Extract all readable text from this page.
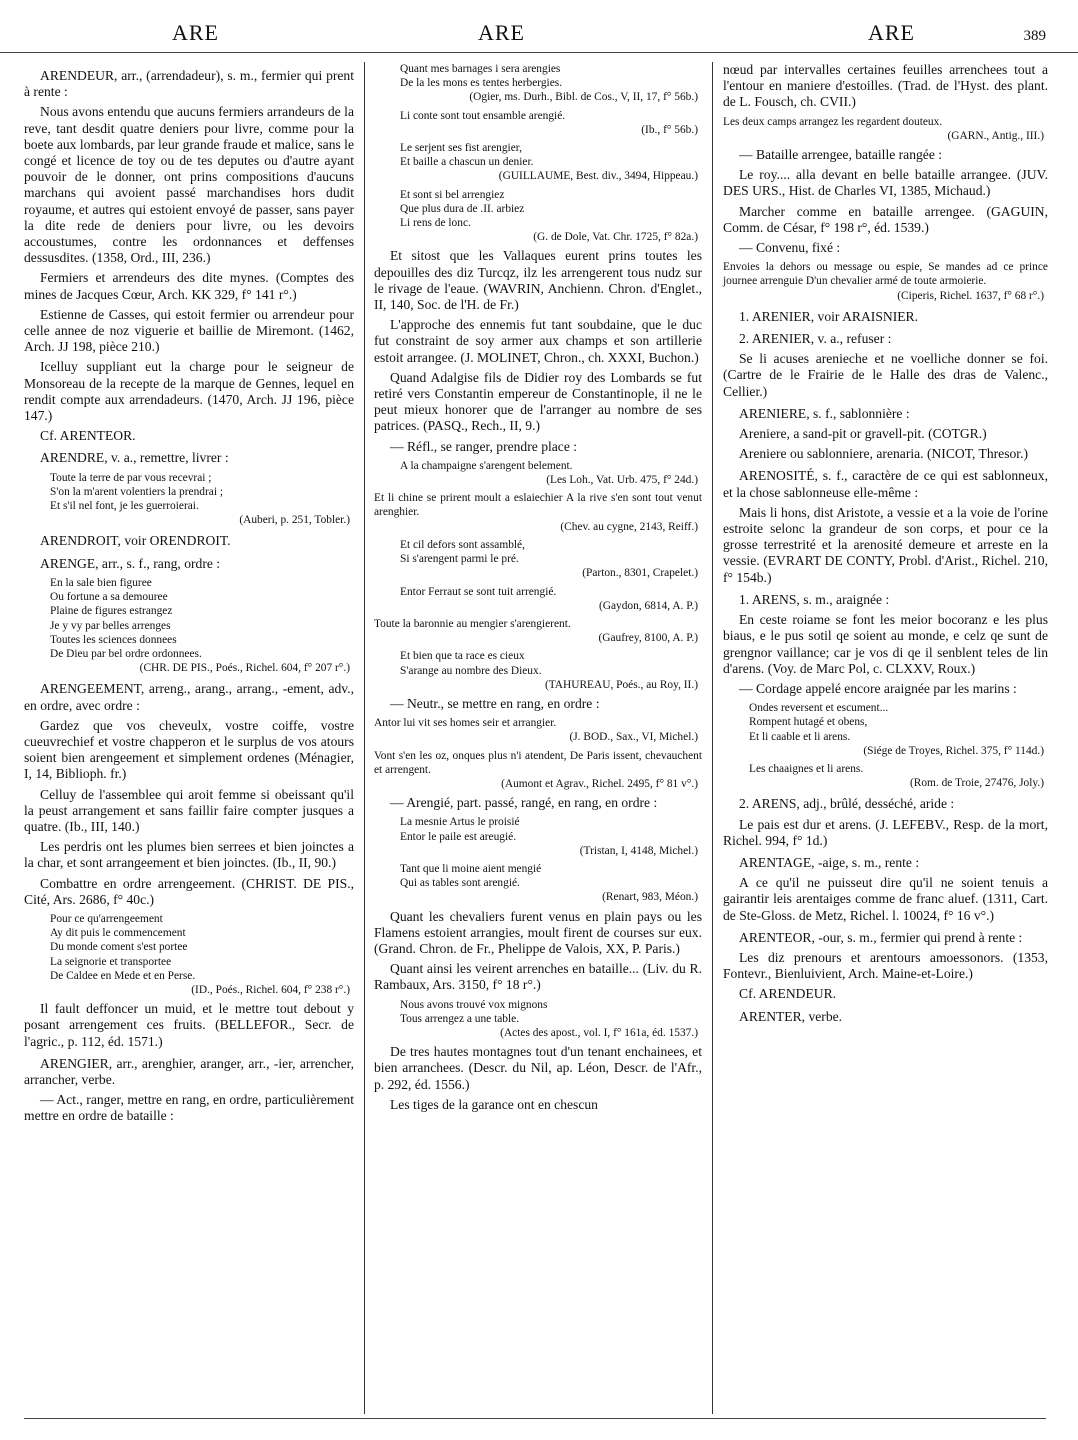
ARE	ARE	ARE	389
ARENDEUR, arr., (arrendadeur), s. m., fermier qui prent à rente :
Nous avons entendu que aucuns fermiers arrandeurs de la reve, tant desdit quatre deniers pour livre, comme pour la boete aux lombards, par leur grande fraude et malice, sans le congé et licence de toy ou de tes deputes ou d'autre ayant pouvoir de le donner, ont prins compositions d'aucuns marchans qui avoient passé marchandises hors dudit royaume, et autres qui estoient envoyé de passer, sans payer la dite rede de deniers pour livre, ou les devoirs accoustumes, contre les ordonnances et deffenses dessusdites. (1358, Ord., III, 236.)
Fermiers et arrendeurs des dite mynes. (Comptes des mines de Jacques Cœur, Arch. KK 329, f° 141 r°.)
Estienne de Casses, qui estoit fermier ou arrendeur pour celle annee de noz viguerie et baillie de Miremont. (1462, Arch. JJ 198, pièce 210.)
Icelluy suppliant eut la charge pour le seigneur de Monsoreau de la recepte de la marque de Gennes, lequel en rendit compte aux arrendadeurs. (1470, Arch. JJ 196, pièce 147.)
Cf. ARENTEOR.
ARENDRE, v. a., remettre, livrer :
Toute la terre de par vous recevrai ;
S'on la m'arent volentiers la prendrai ;
Et s'il nel font, je les guerroierai.
(Auberi, p. 251, Tobler.)
ARENDROIT, voir ORENDROIT.
ARENGE, arr., s. f., rang, ordre :
En la sale bien figuree
Ou fortune a sa demouree
Plaine de figures estrangez
Je y vy par belles arrenges
Toutes les sciences donnees
De Dieu par bel ordre ordonnees.
(CHR. DE PIS., Poés., Richel. 604, f° 207 r°.)
ARENGEEMENT, arreng., arang., arrang., -ement, adv., en ordre, avec ordre :
Gardez que vos cheveulx, vostre coiffe, vostre cueuvrechief et vostre chapperon et le surplus de vos atours soient bien arengeement et simplement ordenes (Ménagier, I, 14, Biblioph. fr.)
Celluy de l'assemblee qui aroit femme si obeissant qu'il la peust arrangement et sans faillir faire compter jusques a quatre. (Ib., III, 140.)
Les perdris ont les plumes bien serrees et bien joinctes a la char, et sont arrangeement et bien joinctes. (Ib., II, 90.)
Combattre en ordre arrengeement. (CHRIST. DE PIS., Cité, Ars. 2686, f° 40c.)
Pour ce qu'arrengeement
Ay dit puis le commencement
Du monde coment s'est portee
La seignorie et transportee
De Caldee en Mede et en Perse.
(ID., Poés., Richel. 604, f° 238 r°.)
Il fault deffoncer un muid, et le mettre tout debout y posant arrengement ces fruits. (BELLEFOR., Secr. de l'agric., p. 112, éd. 1571.)
ARENGIER, arr., arenghier, aranger, arr., -ier, arrencher, arrancher, verbe.
— Act., ranger, mettre en rang, en ordre, particulièrement mettre en ordre de bataille :
Quant mes barnages i sera arengies
De la les mons es tentes herbergies.
(Ogier, ms. Durh., Bibl. de Cos., V, II, 17, f° 56b.)
Li conte sont tout ensamble arengié.
(Ib., f° 56b.)
Le serjent ses fist arengier,
Et baille a chascun un denier.
(GUILLAUME, Best. div., 3494, Hippeau.)
Et sont si bel arrengiez
Que plus dura de .II. arbiez
Li rens de lonc.
(G. de Dole, Vat. Chr. 1725, f° 82a.)
Et sitost que les Vallaques eurent prins toutes les depouilles des diz Turcqz, ilz les arrengerent tous nudz sur le rivage de l'eaue. (WAVRIN, Anchienn. Chron. d'Englet., II, 140, Soc. de l'H. de Fr.)
L'approche des ennemis fut tant soubdaine, que le duc fut constraint de soy armer aux champs et son artillerie estoit arrangee. (J. MOLINET, Chron., ch. XXXI, Buchon.)
Quand Adalgise fils de Didier roy des Lombards se fut retiré vers Constantin empereur de Constantinople, il ne le peut mieux honorer que de l'arranger au nombre de ses patrices. (PASQ., Rech., II, 9.)
— Réfl., se ranger, prendre place :
A la champaigne s'arengent belement.
(Les Loh., Vat. Urb. 475, f° 24d.)
Et li chine se prirent moult a eslaiechier A la rive s'en sont tout venut arenghier.
(Chev. au cygne, 2143, Reiff.)
Et cil defors sont assamblé,
Si s'arengent parmi le pré.
(Parton., 8301, Crapelet.)
Entor Ferraut se sont tuit arrengié.
(Gaydon, 6814, A. P.)
Toute la baronnie au mengier s'arengierent.
(Gaufrey, 8100, A. P.)
Et bien que ta race es cieux
S'arange au nombre des Dieux.
(TAHUREAU, Poés., au Roy, II.)
— Neutr., se mettre en rang, en ordre :
Antor lui vit ses homes seir et arrangier.
(J. BOD., Sax., VI, Michel.)
Vont s'en les oz, onques plus n'i atendent, De Paris issent, chevauchent et arrengent.
(Aumont et Agrav., Richel. 2495, f° 81 v°.)
— Arengié, part. passé, rangé, en rang, en ordre :
La mesnie Artus le proisié
Entor le paile est areugié.
(Tristan, I, 4148, Michel.)
Tant que li moine aient mengié
Qui as tables sont arengié.
(Renart, 983, Méon.)
Quant les chevaliers furent venus en plain pays ou les Flamens estoient arrangies, moult firent de courses sur eux. (Grand. Chron. de Fr., Phelippe de Valois, XX, P. Paris.)
Quant ainsi les veirent arrenches en bataille... (Liv. du R. Rambaux, Ars. 3150, f° 18 r°.)
Nous avons trouvé vox mignons
Tous arrengez a une table.
(Actes des apost., vol. I, f° 161a, éd. 1537.)
De tres hautes montagnes tout d'un tenant enchainees, et bien arranchees. (Descr. du Nil, ap. Léon, Descr. de l'Afr., p. 292, éd. 1556.)
Les tiges de la garance ont en chescun
nœud par intervalles certaines feuilles arrenchees tout a l'entour en maniere d'estoilles. (Trad. de l'Hyst. des plant. de L. Fousch, ch. CVII.)
Les deux camps arrangez les regardent douteux.
(GARN., Antig., III.)
— Bataille arrengee, bataille rangée :
Le roy.... alla devant en belle bataille arrangee. (JUV. DES URS., Hist. de Charles VI, 1385, Michaud.)
Marcher comme en bataille arrengee. (GAGUIN, Comm. de César, f° 198 r°, éd. 1539.)
— Convenu, fixé :
Envoies la dehors ou message ou espie, Se mandes ad ce prince journee arrenguie D'un chevalier armé de toute armoierie.
(Ciperis, Richel. 1637, f° 68 r°.)
1. ARENIER, voir ARAISNIER.
2. ARENIER, v. a., refuser :
Se li acuses arenieche et ne voelliche donner se foi. (Cartre de le Frairie de le Halle des dras de Valenc., Cellier.)
ARENIERE, s. f., sablonnière :
Areniere, a sand-pit or gravell-pit. (COTGR.)
Areniere ou sablonniere, arenaria. (NICOT, Thresor.)
ARENOSITÉ, s. f., caractère de ce qui est sablonneux, et la chose sablonneuse elle-même :
Mais li hons, dist Aristote, a vessie et a la voie de l'orine estroite selonc la grandeur de son corps, et pour ce la grosse terrestrité et la arenosité demeure et arreste en la vessie. (EVRART DE CONTY, Probl. d'Arist., Richel. 210, f° 154b.)
1. ARENS, s. m., araignée :
En ceste roiame se font les meior bocoranz e les plus biaus, e le pus sotil qe soient au monde, e celz qe sunt de grengnor vaillance; car je vos di qe il senblent teles de lin d'arens. (Voy. de Marc Pol, c. CLXXV, Roux.)
— Cordage appelé encore araignée par les marins :
Ondes reversent et escument...
Rompent hutagé et obens,
Et li caable et li arens.
(Siége de Troyes, Richel. 375, f° 114d.)
Les chaaignes et li arens.
(Rom. de Troie, 27476, Joly.)
2. ARENS, adj., brûlé, desséché, aride :
Le pais est dur et arens. (J. LEFEBV., Resp. de la mort, Richel. 994, f° 1d.)
ARENTAGE, -aige, s. m., rente :
A ce qu'il ne puisseut dire qu'il ne soient tenuis a gairantir leis arentaiges comme de franc aluef. (1311, Cart. de Ste-Gloss. de Metz, Richel. l. 10024, f° 16 v°.)
ARENTEOR, -our, s. m., fermier qui prend à rente :
Les diz prenours et arentours amoessonors. (1353, Fontevr., Bienluivient, Arch. Maine-et-Loire.)
Cf. ARENDEUR.
ARENTER, verbe.
